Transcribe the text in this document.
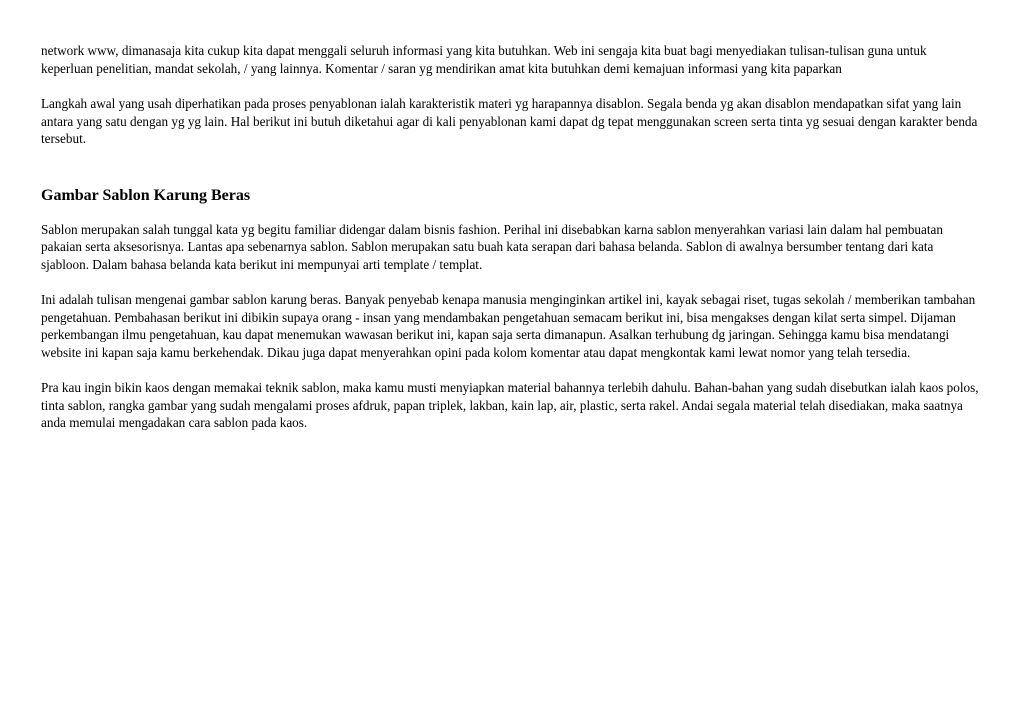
network www, dimanasaja kita cukup kita dapat menggali seluruh informasi yang kita butuhkan. Web ini sengaja kita buat bagi menyediakan tulisan-tulisan guna untuk keperluan penelitian, mandat sekolah, / yang lainnya. Komentar / saran yg mendirikan amat kita butuhkan demi kemajuan informasi yang kita paparkan

Langkah awal yang usah diperhatikan pada proses penyablonan ialah karakteristik materi yg harapannya disablon. Segala benda yg akan disablon mendapatkan sifat yang lain antara yang satu dengan yg yg lain. Hal berikut ini butuh diketahui agar di kali penyablonan kami dapat dg tepat menggunakan screen serta tinta yg sesuai dengan karakter benda tersebut.

Gambar Sablon Karung Beras

Sablon merupakan salah tunggal kata yg begitu familiar didengar dalam bisnis fashion. Perihal ini disebabkan karna sablon menyerahkan variasi lain dalam hal pembuatan pakaian serta aksesorisnya. Lantas apa sebenarnya sablon. Sablon merupakan satu buah kata serapan dari bahasa belanda. Sablon di awalnya bersumber tentang dari kata sjabloon. Dalam bahasa belanda kata berikut ini mempunyai arti template / templat.

Ini adalah tulisan mengenai gambar sablon karung beras. Banyak penyebab kenapa manusia menginginkan artikel ini, kayak sebagai riset, tugas sekolah / memberikan tambahan pengetahuan. Pembahasan berikut ini dibikin supaya orang - insan yang mendambakan pengetahuan semacam berikut ini, bisa mengakses dengan kilat serta simpel. Dijaman perkembangan ilmu pengetahuan, kau dapat menemukan wawasan berikut ini, kapan saja serta dimanapun. Asalkan terhubung dg jaringan. Sehingga kamu bisa mendatangi website ini kapan saja kamu berkehendak. Dikau juga dapat menyerahkan opini pada kolom komentar atau dapat mengkontak kami lewat nomor yang telah tersedia.

Pra kau ingin bikin kaos dengan memakai teknik sablon, maka kamu musti menyiapkan material bahannya terlebih dahulu. Bahan-bahan yang sudah disebutkan ialah kaos polos, tinta sablon, rangka gambar yang sudah mengalami proses afdruk, papan triplek, lakban, kain lap, air, plastic, serta rakel. Andai segala material telah disediakan, maka saatnya anda memulai mengadakan cara sablon pada kaos.
